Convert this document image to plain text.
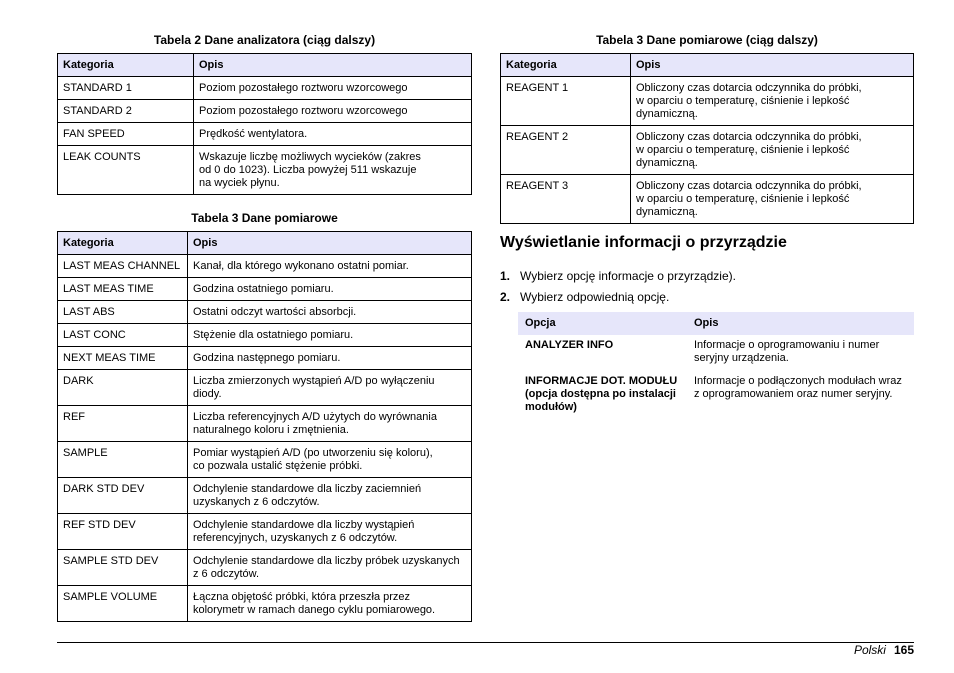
Tabela 2 Dane analizatora (ciąg dalszy)
Kategoria	Opis
STANDARD 1	Poziom pozostałego roztworu wzorcowego

STANDARD 2	Poziom pozostałego roztworu wzorcowego

FAN SPEED	Prędkość wentylatora.

LEAK COUNTS	Wskazuje liczbę możliwych wycieków (zakres
od 0 do 1023). Liczba powyżej 511 wskazuje
na wyciek płynu.
Tabela 3 Dane pomiarowe
Kategoria	Opis
LAST MEAS CHANNEL	Kanał, dla którego wykonano ostatni pomiar.

LAST MEAS TIME	Godzina ostatniego pomiaru.

LAST ABS	Ostatni odczyt wartości absorbcji.

LAST CONC	Stężenie dla ostatniego pomiaru.

NEXT MEAS TIME	Godzina następnego pomiaru.

DARK	Liczba zmierzonych wystąpień A/D po wyłączeniu
diody.

REF	Liczba referencyjnych A/D użytych do wyrównania
naturalnego koloru i zmętnienia.

SAMPLE	Pomiar wystąpień A/D (po utworzeniu się koloru),
co pozwala ustalić stężenie próbki.

DARK STD DEV	Odchylenie standardowe dla liczby zaciemnień
uzyskanych z 6 odczytów.

REF STD DEV	Odchylenie standardowe dla liczby wystąpień
referencyjnych, uzyskanych z 6 odczytów.

SAMPLE STD DEV	Odchylenie standardowe dla liczby próbek uzyskanych
z 6 odczytów.

SAMPLE VOLUME	Łączna objętość próbki, która przeszła przez
kolorymetr w ramach danego cyklu pomiarowego.
Tabela 3 Dane pomiarowe (ciąg dalszy)
Kategoria	Opis
REAGENT 1	Obliczony czas dotarcia odczynnika do próbki,
w oparciu o temperaturę, ciśnienie i lepkość
dynamiczną.

REAGENT 2	Obliczony czas dotarcia odczynnika do próbki,
w oparciu o temperaturę, ciśnienie i lepkość
dynamiczną.

REAGENT 3	Obliczony czas dotarcia odczynnika do próbki,
w oparciu o temperaturę, ciśnienie i lepkość
dynamiczną.
Wyświetlanie informacji o przyrządzie
1. Wybierz opcję informacje o przyrządzie).
2. Wybierz odpowiednią opcję.
Opcja	Opis

ANALYZER INFO	Informacje o oprogramowaniu i numer
seryjny urządzenia.

INFORMACJE DOT. MODUŁU
(opcja dostępna po instalacji
modułów)	Informacje o podłączonych modułach wraz
z oprogramowaniem oraz numer seryjny.
Polski 165
